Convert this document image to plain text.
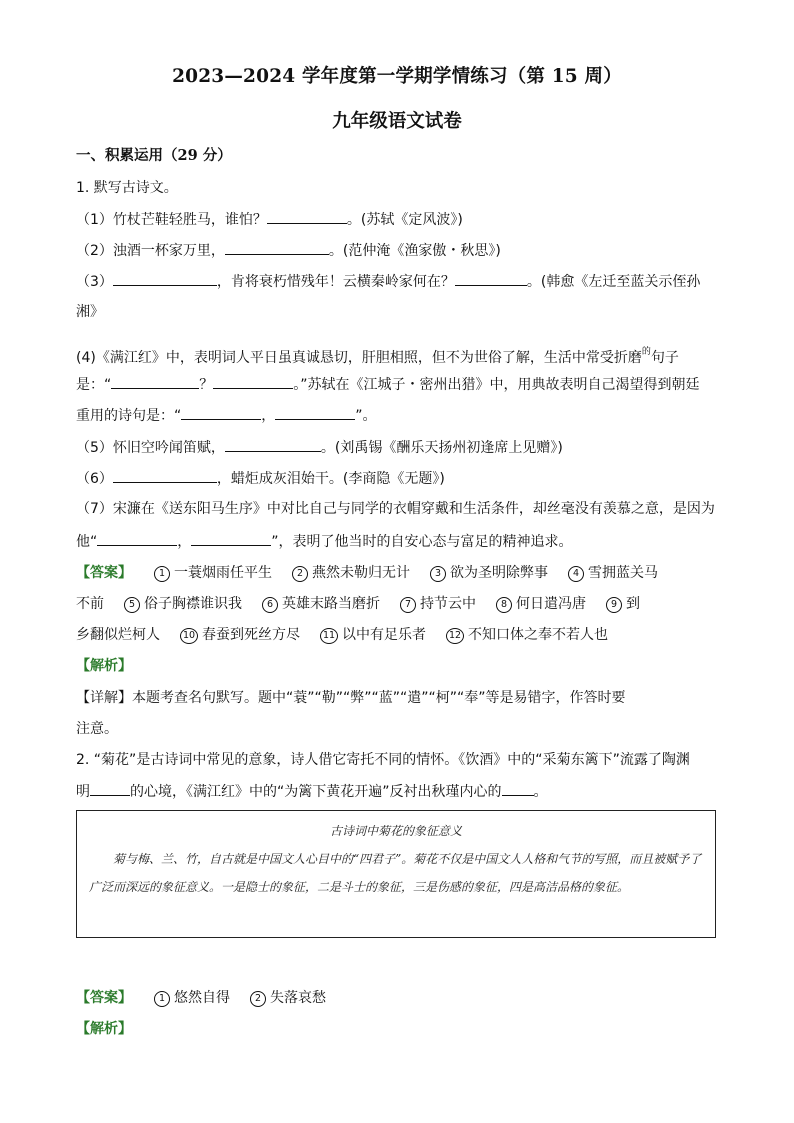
2023—2024 学年度第一学期学情练习（第 15 周）
九年级语文试卷
一、积累运用（29 分）
1. 默写古诗文。
（1）竹杖芒鞋轻胜马，谁怕？	。(苏轼《定风波》)
（2）浊酒一杯家万里，	。(范仲淹《渔家傲・秋思》)
（3）	，肯将衰朽惜残年！云横秦岭家何在？	。(韩愈《左迁至蓝关示侄孙
湘》
(4)《满江红》中，表明词人平日虽真诚恳切，肝胆相照，但不为世俗了解，生活中常受折磨$^的$句子
是：“	？	。”苏轼在《江城子・密州出猎》中，用典故表明自己渴望得到朝廷
重用的诗句是：“	，	”。
（5）怀旧空吟闻笛赋，	。(刘禹锡《酬乐天扬州初逢席上见赠》)
（6）	，蜡炬成灰泪始干。(李商隐《无题》)
（7）宋濂在《送东阳马生序》中对比自己与同学的衣帽穿戴和生活条件，却丝毫没有羡慕之意，是因为
他“	，	”，表明了他当时的自安心态与富足的精神追求。
【答案】	1 一蓑烟雨任平生	2 燕然未勒归无计	3 欲为圣明除弊事	4 雪拥蓝关马
不前	5 俗子胸襟谁识我	6 英雄末路当磨折	7 持节云中	8 何日遣冯唐	9 到
乡翻似烂柯人 10 春蚕到死丝方尽 11 以中有足乐者 12 不知口体之奉不若人也
【解析】
【详解】本题考查名句默写。题中“蓑”“勒”“弊”“蓝”“遣”“柯”“奉”等是易错字，作答时要
注意。
2. “菊花”是古诗词中常见的意象，诗人借它寄托不同的情怀。《饮酒》中的“采菊东篱下”流露了陶渊
明	的心境，《满江红》中的“为篱下黄花开遍”反衬出秋瑾内心的 。
古诗词中菊花的象征意义
菊与梅、兰、竹，自古就是中国文人心目中的“四君子”。菊花不仅是中国文人人格和气节的写照，而且被赋予了广泛而深远的象征意义。一是隐士的象征，二是斗士的象征，三是伤感的象征，四是高洁品格的象征。
【答案】	1 悠然自得	2 失落哀愁
【解析】
